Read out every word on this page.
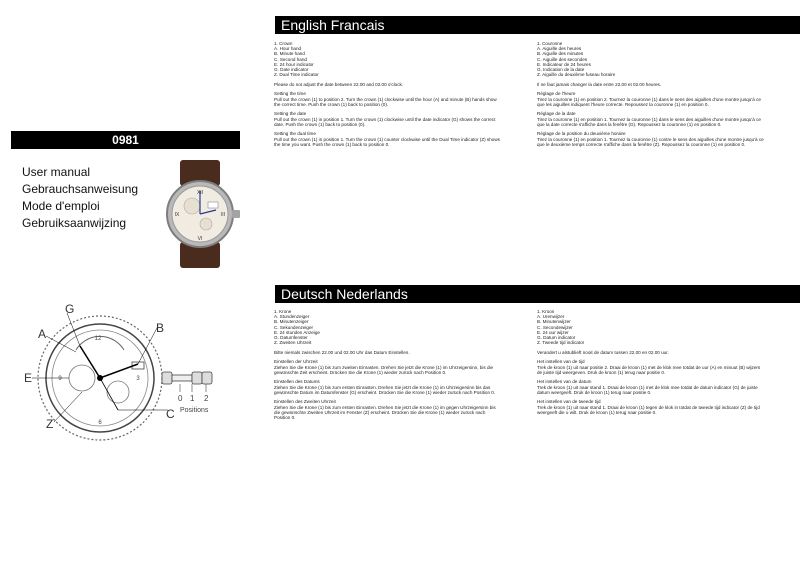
0981
User manual
Gebrauchsanweisung
Mode d'emploi
Gebruiksaanwijzing
XII
VI
IX	III
12
3
6
9
G
A
E
Z
B
C
0 1 2
Positions
English Francais
1. Crown
A. Hour hand
B. Minute hand
C. Second hand
E. 24 hour indicator
G. Date indicator
Z. Dual Time indicator
Please do not adjust the date between 22.00 and 02.00 o'clock.
Setting the time
Pull out the crown (1) to position 2. Turn the crown (1) clockwise until the hour (A) and minute (B) hands show the correct time. Push the crown (1) back to position (0).
Setting the date
Pull out the crown (1) in position 1. Turn the crown (1) clockwise until the date indicator (G) shows the correct date. Push the crown (1) back to position (0).
Setting the dual time
Pull out the crown (1) in position 1. Turn the crown (1) counter clockwise until the Dual Time indicator (Z) shows the time you want. Push the crown (1) back to position 0.
1. Couronne
A. Aiguille des heures
B. Aiguille des minutes
C. Aiguille des secondes
E. Indicateur de 24 heures
G. Indication de la date
Z. Aiguille du deuxième fuseau horaire
Il ne faut jamais changer la date entre 22.00 et 02.00 heures.
Réglage de l'heure
Tirez la couronne (1) en position 2. Tournez la couronne (1) dans le sens des aiguilles d'une montre jusqu'à ce que les aiguilles indiquent l'heure correcte. Repoussez la couronne (1) en position 0.
Réglage de la date
Tirez la couronne (1) en position 1. Tournez la couronne (1) dans le sens des aiguilles d'une montre jusqu'à ce que la date correcte s'affiche dans la fenêtre (G). Repoussez la couronne (1) en position 0.
Réglage de la position du deuxième horaire
Tirez la couronne (1) en position 1. Tournez la couronne (1) contre le sens des aiguilles d'une montre jusqu'à ce que le deuxième temps correcte s'affiche dans la fenêtre (Z). Repoussez la couronne (1) en position 0.
Deutsch Nederlands
1. Krone
A. Stundenzeiger
B. Minutenzeiger
C. Sekundenzeiger
E. 24 stunden Anzeige
G. Datumfenster
Z. Zweiten Uhrzeit
Bitte niemals zwischen 22.00 und 02.00 Uhr das Datum Einstellen.
Einstellen der Uhrzeit
Ziehen Sie die Krone (1) bis zum zweiten Einrasten. Drehen Sie jetzt die Krone (1) im Uhrzeigersinn, bis die gewünschte Zeit erscheint. Drücken Sie die Krone (1) wieder zurück nach Position 0.
Einstellen des Datums
Ziehen Sie die Krone (1) bis zum ersten Einrasten. Drehen Sie jetzt die Krone (1) im Uhrzeigersinn bis das gewünschte Datum im Datumfenster (G) erscheint. Drücken Sie die Krone (1) wieder zurück nach Position 0.
Einstellen des Zweiten Uhrzeit
Ziehen Sie die Krone (1) bis zum ersten Einrasten. Drehen Sie jetzt die Krone (1) im gegen Uhrzeigersinn bis die gewünschte Zweiten Uhrzeit im Fenster (Z) erscheint. Drücken Sie die Krone (1) wieder zurück nach Position 0.
1. Kroon
A. Urenwijzer
B. Minutenwijzer
C. Secondewijzer
E. 24 uur wijzer
G. Datum indicator
Z. Tweede tijd indicator
Verandert u alstublieft nooit de datum tussen 22.00 en 02.00 uur.
Het instellen van de tijd
Trek de kroon (1) uit naar positie 2. Draai de kroon (1) met de klok mee totdat de uur (A) en minuut (B) wijzers de juiste tijd weergeven. Druk de kroon (1) terug naar positie 0.
Het instellen van de datum
Trek de kroon (1) uit naar stand 1. Draai de kroon (1) met de klok mee totdat de datum indicator (G) de juiste datum weergeeft. Druk de kroon (1) terug naar positie 0.
Het instellen van de tweede tijd
Trek de kroon (1) uit naar stand 1. Draai de kroon (1) tegen de klok in totdat de tweede tijd indicator (Z) de tijd weergeeft die u wilt. Druk de kroon (1) terug naar positie 0.
